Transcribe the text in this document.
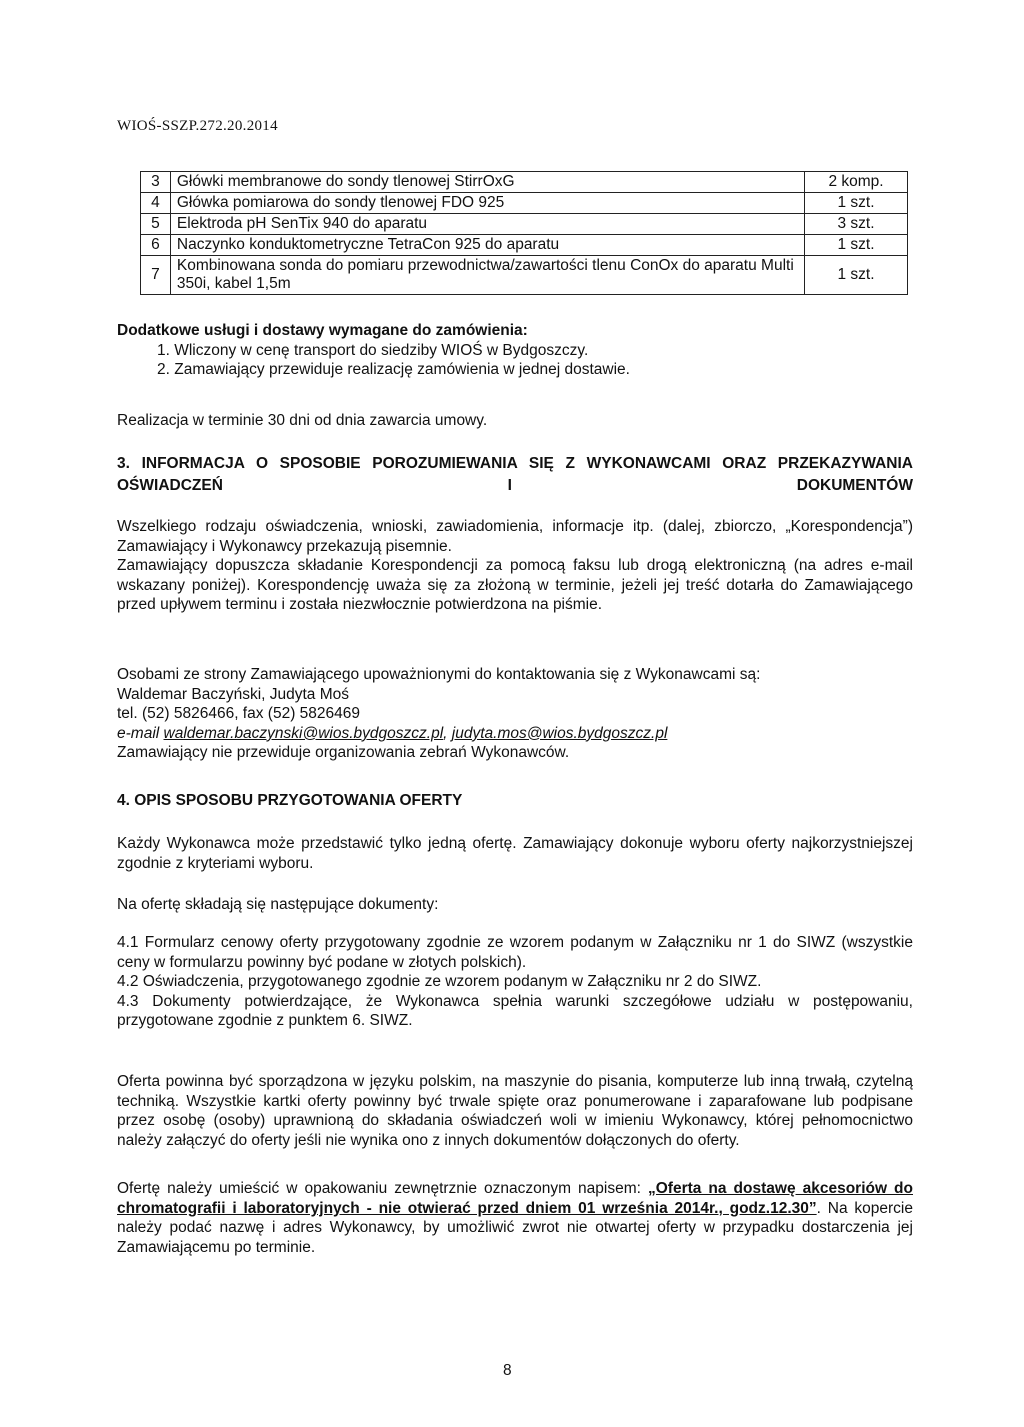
WIOŚ-SSZP.272.20.2014
3	Główki membranowe do sondy tlenowej StirrOxG	2 komp.
4	Główka pomiarowa do sondy tlenowej FDO 925	1 szt.
5	Elektroda pH SenTix 940 do aparatu	3 szt.
6	Naczynko konduktometryczne TetraCon 925 do aparatu	1 szt.
7	Kombinowana sonda do pomiaru przewodnictwa/zawartości tlenu ConOx do aparatu Multi 350i, kabel 1,5m	1 szt.

Dodatkowe usługi i dostawy wymagane do zamówienia:

1. Wliczony w cenę transport do siedziby WIOŚ w Bydgoszczy.

2. Zamawiający przewiduje realizację zamówienia w jednej dostawie.

Realizacja w terminie 30 dni od dnia zawarcia umowy.
3. INFORMACJA O SPOSOBIE POROZUMIEWANIA SIĘ Z WYKONAWCAMI ORAZ PRZEKAZYWANIA OŚWIADCZEŃ I DOKUMENTÓW

Wszelkiego rodzaju oświadczenia, wnioski, zawiadomienia, informacje itp. (dalej, zbiorczo, „Korespondencja”) Zamawiający i Wykonawcy przekazują pisemnie.

Zamawiający dopuszcza składanie Korespondencji za pomocą faksu lub drogą elektroniczną (na adres e-mail wskazany poniżej). Korespondencję uważa się za złożoną w terminie, jeżeli jej treść dotarła do Zamawiającego przed upływem terminu i została niezwłocznie potwierdzona na piśmie.

Osobami ze strony Zamawiającego upoważnionymi do kontaktowania się z Wykonawcami są:

Waldemar Baczyński, Judyta Moś

tel. (52) 5826466, fax (52) 5826469

e-mail waldemar.baczynski@wios.bydgoszcz.pl, judyta.mos@wios.bydgoszcz.pl

Zamawiający nie przewiduje organizowania zebrań Wykonawców.

4. OPIS SPOSOBU PRZYGOTOWANIA OFERTY
Każdy Wykonawca może przedstawić tylko jedną ofertę. Zamawiający dokonuje wyboru oferty najkorzystniejszej zgodnie z kryteriami wyboru.
Na ofertę składają się następujące dokumenty:

4.1 Formularz cenowy oferty przygotowany zgodnie ze wzorem podanym w Załączniku nr 1 do SIWZ (wszystkie ceny w formularzu powinny być podane w złotych polskich).

4.2 Oświadczenia, przygotowanego zgodnie ze wzorem podanym w Załączniku nr 2 do SIWZ.

4.3 Dokumenty potwierdzające, że Wykonawca spełnia warunki szczegółowe udziału w postępowaniu, przygotowane zgodnie z punktem 6. SIWZ.

Oferta powinna być sporządzona w języku polskim, na maszynie do pisania, komputerze lub inną trwałą, czytelną techniką. Wszystkie kartki oferty powinny być trwale spięte oraz ponumerowane i zaparafowane lub podpisane przez osobę (osoby) uprawnioną do składania oświadczeń woli w imieniu Wykonawcy, której pełnomocnictwo należy załączyć do oferty jeśli nie wynika ono z innych dokumentów dołączonych do oferty.
Ofertę należy umieścić w opakowaniu zewnętrznie oznaczonym napisem: „Oferta na dostawę akcesoriów do chromatografii i laboratoryjnych - nie otwierać przed dniem 01 września 2014r., godz.12.30”. Na kopercie należy podać nazwę i adres Wykonawcy, by umożliwić zwrot nie otwartej oferty w przypadku dostarczenia jej Zamawiającemu po terminie.
8
